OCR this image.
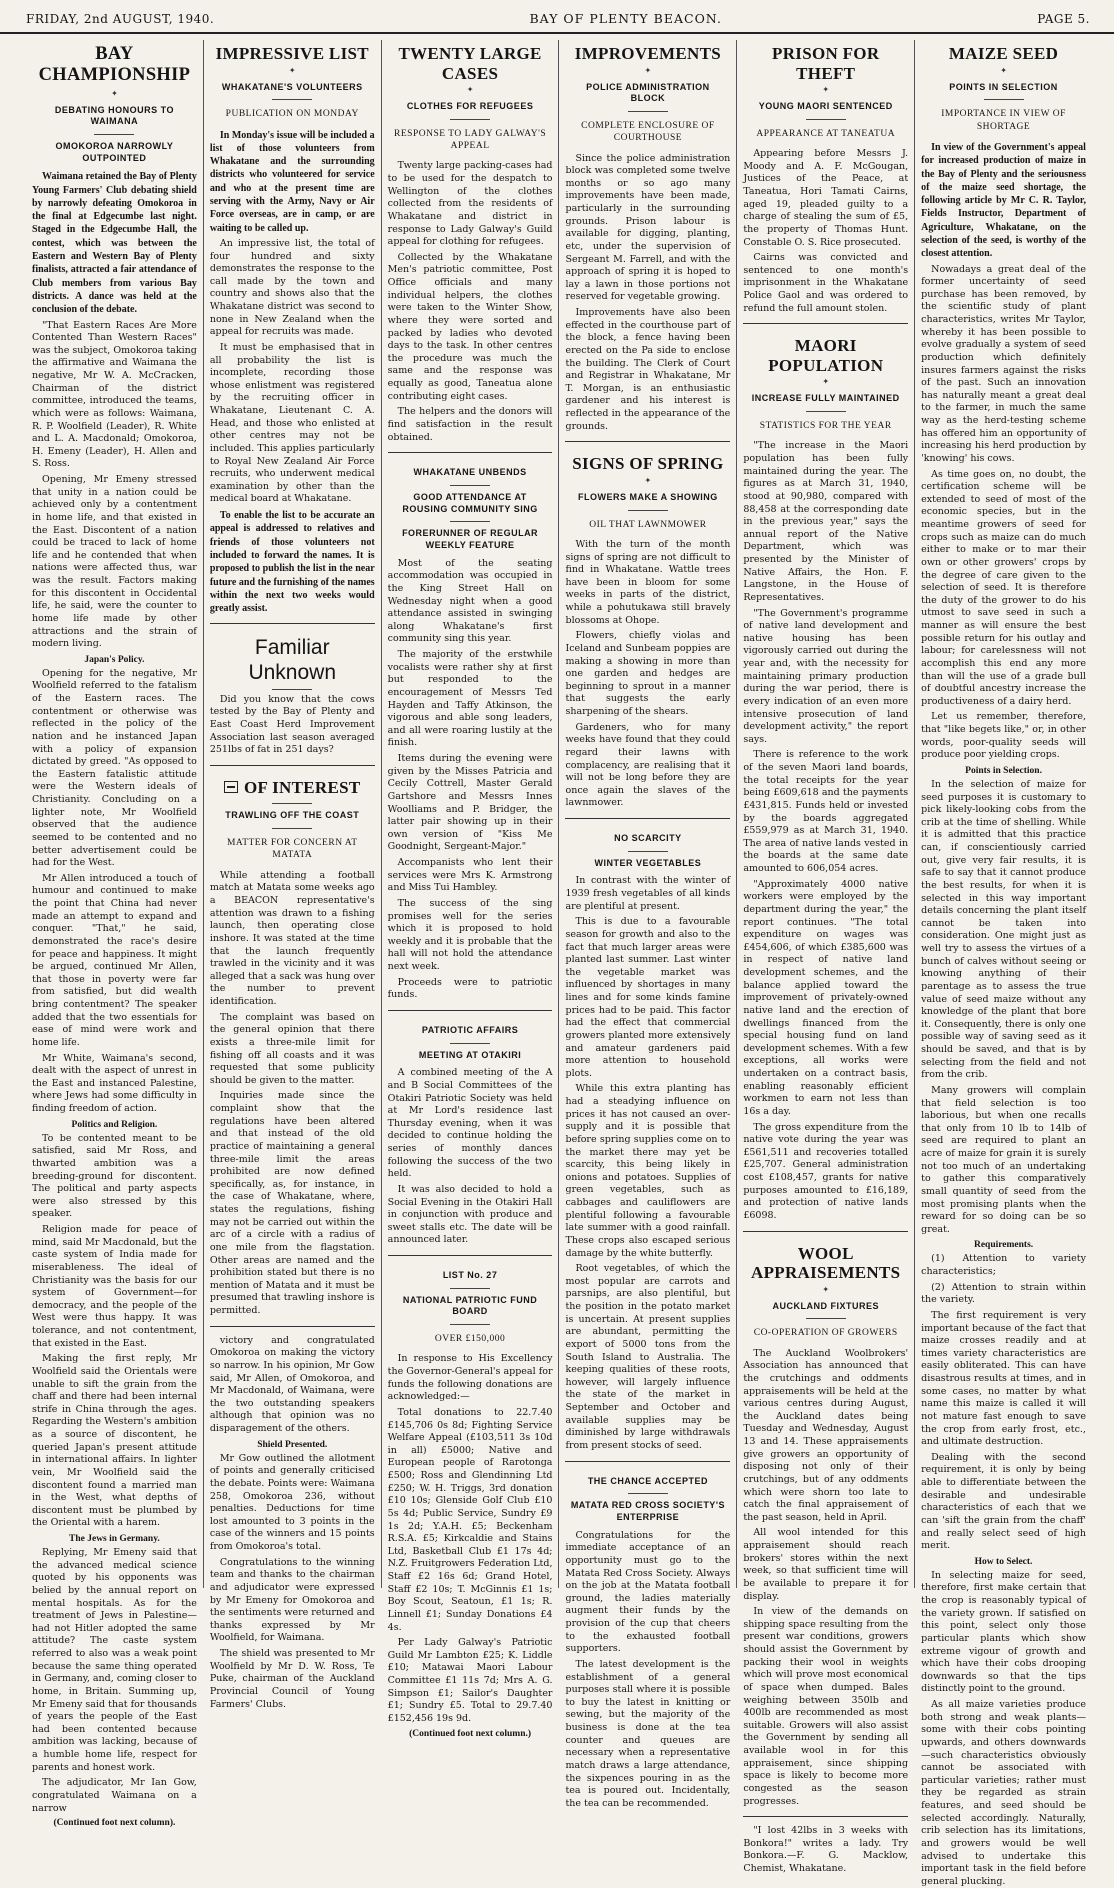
FRIDAY, 2nd AUGUST, 1940.	BAY OF PLENTY BEACON.	PAGE 5.
BAY CHAMPIONSHIP
✦
DEBATING HONOURS TO WAIMANA
OMOKOROA NARROWLY OUTPOINTED

Waimana retained the Bay of Plenty Young Farmers' Club debating shield by narrowly defeating Omokoroa in the final at Edgecumbe last night. Staged in the Edgecumbe Hall, the contest, which was between the Eastern and Western Bay of Plenty finalists, attracted a fair attendance of Club members from various Bay districts. A dance was held at the conclusion of the debate.

"That Eastern Races Are More Contented Than Western Races" was the subject, Omokoroa taking the affirmative and Waimana the negative, Mr W. A. McCracken, Chairman of the district committee, introduced the teams, which were as follows: Waimana, R. P. Woolfield (Leader), R. White and L. A. Macdonald; Omokoroa, H. Emeny (Leader), H. Allen and S. Ross.

Opening, Mr Emeny stressed that unity in a nation could be achieved only by a contentment in home life, and that existed in the East. Discontent of a nation could be traced to lack of home life and he contended that when nations were affected thus, war was the result. Factors making for this discontent in Occidental life, he said, were the counter to home life made by other attractions and the strain of modern living.

Japan's Policy.

Opening for the negative, Mr Woolfield referred to the fatalism of the Eastern races. The contentment or otherwise was reflected in the policy of the nation and he instanced Japan with a policy of expansion dictated by greed. "As opposed to the Eastern fatalistic attitude were the Western ideals of Christianity. Concluding on a lighter note, Mr Woolfield observed that the audience seemed to be contented and no better advertisement could be had for the West.

Mr Allen introduced a touch of humour and continued to make the point that China had never made an attempt to expand and conquer. "That," he said, demonstrated the race's desire for peace and happiness. It might be argued, continued Mr Allen, that those in poverty were far from satisfied, but did wealth bring contentment? The speaker added that the two essentials for ease of mind were work and home life.

Mr White, Waimana's second, dealt with the aspect of unrest in the East and instanced Palestine, where Jews had some difficulty in finding freedom of action.

Politics and Religion.

To be contented meant to be satisfied, said Mr Ross, and thwarted ambition was a breeding-ground for discontent. The political and party aspects were also stressed by this speaker.

Religion made for peace of mind, said Mr Macdonald, but the caste system of India made for miserableness. The ideal of Christianity was the basis for our system of Government—for democracy, and the people of the West were thus happy. It was tolerance, and not contentment, that existed in the East.

Making the first reply, Mr Woolfield said the Orientals were unable to sift the grain from the chaff and there had been internal strife in China through the ages. Regarding the Western's ambition as a source of discontent, he queried Japan's present attitude in international affairs. In lighter vein, Mr Woolfield said the discontent found a married man in the West, what depths of discontent must be plumbed by the Oriental with a harem.

The Jews in Germany.

Replying, Mr Emeny said that the advanced medical science quoted by his opponents was belied by the annual report on mental hospitals. As for the treatment of Jews in Palestine—had not Hitler adopted the same attitude? The caste system referred to also was a weak point because the same thing operated in Germany, and, coming closer to home, in Britain. Summing up, Mr Emeny said that for thousands of years the people of the East had been contented because ambition was lacking, because of a humble home life, respect for parents and honest work.

The adjudicator, Mr Ian Gow, congratulated Waimana on a narrow

(Continued foot next column).
IMPRESSIVE LIST
✦
WHAKATANE'S VOLUNTEERS
PUBLICATION ON MONDAY

In Monday's issue will be included a list of those volunteers from Whakatane and the surrounding districts who volunteered for service and who at the present time are serving with the Army, Navy or Air Force overseas, are in camp, or are waiting to be called up.

An impressive list, the total of four hundred and sixty demonstrates the response to the call made by the town and country and shows also that the Whakatane district was second to none in New Zealand when the appeal for recruits was made.

It must be emphasised that in all probability the list is incomplete, recording those whose enlistment was registered by the recruiting officer in Whakatane, Lieutenant C. A. Head, and those who enlisted at other centres may not be included. This applies particularly to Royal New Zealand Air Force recruits, who underwent medical examination by other than the medical board at Whakatane.

To enable the list to be accurate an appeal is addressed to relatives and friends of those volunteers not included to forward the names. It is proposed to publish the list in the near future and the furnishing of the names within the next two weeks would greatly assist.

Familiar Unknown

Did you know that the cows tested by the Bay of Plenty and East Coast Herd Improvement Association last season averaged 251lbs of fat in 251 days?

OF INTEREST
TRAWLING OFF THE COAST
MATTER FOR CONCERN AT MATATA

While attending a football match at Matata some weeks ago a BEACON representative's attention was drawn to a fishing launch, then operating close inshore. It was stated at the time that the launch frequently trawled in the vicinity and it was alleged that a sack was hung over the number to prevent identification.

The complaint was based on the general opinion that there exists a three-mile limit for fishing off all coasts and it was requested that some publicity should be given to the matter.

Inquiries made since the complaint show that the regulations have been altered and that instead of the old practice of maintaining a general three-mile limit the areas prohibited are now defined specifically, as, for instance, in the case of Whakatane, where, states the regulations, fishing may not be carried out within the arc of a circle with a radius of one mile from the flagstation. Other areas are named and the prohibition stated but there is no mention of Matata and it must be presumed that trawling inshore is permitted.

victory and congratulated Omokoroa on making the victory so narrow. In his opinion, Mr Gow said, Mr Allen, of Omokoroa, and Mr Macdonald, of Waimana, were the two outstanding speakers although that opinion was no disparagement of the others.

Shield Presented.

Mr Gow outlined the allotment of points and generally criticised the debate. Points were: Waimana 258, Omokoroa 236, without penalties. Deductions for time lost amounted to 3 points in the case of the winners and 15 points from Omokoroa's total.

Congratulations to the winning team and thanks to the chairman and adjudicator were expressed by Mr Emeny for Omokoroa and the sentiments were returned and thanks expressed by Mr Woolfield, for Waimana.

The shield was presented to Mr Woolfield by Mr D. W. Ross, Te Puke, chairman of the Auckland Provincial Council of Young Farmers' Clubs.

TWENTY LARGE CASES
✦
CLOTHES FOR REFUGEES
RESPONSE TO LADY GALWAY'S APPEAL

Twenty large packing-cases had to be used for the despatch to Wellington of the clothes collected from the residents of Whakatane and district in response to Lady Galway's Guild appeal for clothing for refugees.

Collected by the Whakatane Men's patriotic committee, Post Office officials and many individual helpers, the clothes were taken to the Winter Show, where they were sorted and packed by ladies who devoted days to the task. In other centres the procedure was much the same and the response was equally as good, Taneatua alone contributing eight cases.

The helpers and the donors will find satisfaction in the result obtained.

WHAKATANE UNBENDS
GOOD ATTENDANCE AT ROUSING COMMUNITY SING
FORERUNNER OF REGULAR WEEKLY FEATURE

Most of the seating accommodation was occupied in the King Street Hall on Wednesday night when a good attendance assisted in swinging along Whakatane's first community sing this year.

The majority of the erstwhile vocalists were rather shy at first but responded to the encouragement of Messrs Ted Hayden and Taffy Atkinson, the vigorous and able song leaders, and all were roaring lustily at the finish.

Items during the evening were given by the Misses Patricia and Cecily Cottrell, Master Gerald Gartshore and Messrs Innes Woolliams and P. Bridger, the latter pair showing up in their own version of "Kiss Me Goodnight, Sergeant-Major."

Accompanists who lent their services were Mrs K. Armstrong and Miss Tui Hambley.

The success of the sing promises well for the series which it is proposed to hold weekly and it is probable that the hall will not hold the attendance next week.

Proceeds were to patriotic funds.

PATRIOTIC AFFAIRS
MEETING AT OTAKIRI

A combined meeting of the A and B Social Committees of the Otakiri Patriotic Society was held at Mr Lord's residence last Thursday evening, when it was decided to continue holding the series of monthly dances following the success of the two held.

It was also decided to hold a Social Evening in the Otakiri Hall in conjunction with produce and sweet stalls etc. The date will be announced later.

LIST No. 27
NATIONAL PATRIOTIC FUND BOARD
OVER £150,000

In response to His Excellency the Governor-General's appeal for funds the following donations are acknowledged:—

Total donations to 22.7.40 £145,706 0s 8d; Fighting Service Welfare Appeal (£103,511 3s 10d in all) £5000; Native and European people of Rarotonga £500; Ross and Glendinning Ltd £250; W. H. Triggs, 3rd donation £10 10s; Glenside Golf Club £10 5s 4d; Public Service, Sundry £9 1s 2d; Y.A.H. £5; Beckenham R.S.A. £5; Kirkcaldie and Stains Ltd, Basketball Club £1 17s 4d; N.Z. Fruitgrowers Federation Ltd, Staff £2 16s 6d; Grand Hotel, Staff £2 10s; T. McGinnis £1 1s; Boy Scout, Seatoun, £1 1s; R. Linnell £1; Sunday Donations £4 4s.

Per Lady Galway's Patriotic Guild Mr Lambton £25; K. Liddle £10; Matawai Maori Labour Committee £1 11s 7d; Mrs A. G. Simpson £1; Sailor's Daughter £1; Sundry £5. Total to 29.7.40 £152,456 19s 9d.

(Continued foot next column.)
IMPROVEMENTS
✦
POLICE ADMINISTRATION BLOCK
COMPLETE ENCLOSURE OF COURTHOUSE

Since the police administration block was completed some twelve months or so ago many improvements have been made, particularly in the surrounding grounds. Prison labour is available for digging, planting, etc, under the supervision of Sergeant M. Farrell, and with the approach of spring it is hoped to lay a lawn in those portions not reserved for vegetable growing.

Improvements have also been effected in the courthouse part of the block, a fence having been erected on the Pa side to enclose the building. The Clerk of Court and Registrar in Whakatane, Mr T. Morgan, is an enthusiastic gardener and his interest is reflected in the appearance of the grounds.

SIGNS OF SPRING
✦
FLOWERS MAKE A SHOWING
OIL THAT LAWNMOWER

With the turn of the month signs of spring are not difficult to find in Whakatane. Wattle trees have been in bloom for some weeks in parts of the district, while a pohutukawa still bravely blossoms at Ohope.

Flowers, chiefly violas and Iceland and Sunbeam poppies are making a showing in more than one garden and hedges are beginning to sprout in a manner that suggests the early sharpening of the shears.

Gardeners, who for many weeks have found that they could regard their lawns with complacency, are realising that it will not be long before they are once again the slaves of the lawnmower.

NO SCARCITY
WINTER VEGETABLES

In contrast with the winter of 1939 fresh vegetables of all kinds are plentiful at present.

This is due to a favourable season for growth and also to the fact that much larger areas were planted last summer. Last winter the vegetable market was influenced by shortages in many lines and for some kinds famine prices had to be paid. This factor had the effect that commercial growers planted more extensively and amateur gardeners paid more attention to household plots.

While this extra planting has had a steadying influence on prices it has not caused an over-supply and it is possible that before spring supplies come on to the market there may yet be scarcity, this being likely in onions and potatoes. Supplies of green vegetables, such as cabbages and cauliflowers are plentiful following a favourable late summer with a good rainfall. These crops also escaped serious damage by the white butterfly.

Root vegetables, of which the most popular are carrots and parsnips, are also plentiful, but the position in the potato market is uncertain. At present supplies are abundant, permitting the export of 5000 tons from the South Island to Australia. The keeping qualities of these roots, however, will largely influence the state of the market in September and October and available supplies may be diminished by large withdrawals from present stocks of seed.

THE CHANCE ACCEPTED
MATATA RED CROSS SOCIETY'S ENTERPRISE

Congratulations for the immediate acceptance of an opportunity must go to the Matata Red Cross Society. Always on the job at the Matata football ground, the ladies materially augment their funds by the provision of the cup that cheers to the exhausted football supporters.

The latest development is the establishment of a general purposes stall where it is possible to buy the latest in knitting or sewing, but the majority of the business is done at the tea counter and queues are necessary when a representative match draws a large attendance, the sixpences pouring in as the tea is poured out. Incidentally, the tea can be recommended.

PRISON FOR THEFT
✦
YOUNG MAORI SENTENCED
APPEARANCE AT TANEATUA

Appearing before Messrs J. Moody and A. F. McGougan, Justices of the Peace, at Taneatua, Hori Tamati Cairns, aged 19, pleaded guilty to a charge of stealing the sum of £5, the property of Thomas Hunt. Constable O. S. Rice prosecuted.

Cairns was convicted and sentenced to one month's imprisonment in the Whakatane Police Gaol and was ordered to refund the full amount stolen.

MAORI POPULATION
✦
INCREASE FULLY MAINTAINED
STATISTICS FOR THE YEAR

"The increase in the Maori population has been fully maintained during the year. The figures as at March 31, 1940, stood at 90,980, compared with 88,458 at the corresponding date in the previous year," says the annual report of the Native Department, which was presented by the Minister of Native Affairs, the Hon. F. Langstone, in the House of Representatives.

"The Government's programme of native land development and native housing has been vigorously carried out during the year and, with the necessity for maintaining primary production during the war period, there is every indication of an even more intensive prosecution of land development activity," the report says.

There is reference to the work of the seven Maori land boards, the total receipts for the year being £609,618 and the payments £431,815. Funds held or invested by the boards aggregated £559,979 as at March 31, 1940. The area of native lands vested in the boards at the same date amounted to 606,054 acres.

"Approximately 4000 native workers were employed by the department during the year," the report continues. "The total expenditure on wages was £454,606, of which £385,600 was in respect of native land development schemes, and the balance applied toward the improvement of privately-owned native land and the erection of dwellings financed from the special housing fund on land development schemes. With a few exceptions, all works were undertaken on a contract basis, enabling reasonably efficient workmen to earn not less than 16s a day.

The gross expenditure from the native vote during the year was £561,511 and recoveries totalled £25,707. General administration cost £108,457, grants for native purposes amounted to £16,189, and protection of native lands £6098.

WOOL APPRAISEMENTS
✦
AUCKLAND FIXTURES
CO-OPERATION OF GROWERS

The Auckland Woolbrokers' Association has announced that the crutchings and oddments appraisements will be held at the various centres during August, the Auckland dates being Tuesday and Wednesday, August 13 and 14. These appraisements give growers an opportunity of disposing not only of their crutchings, but of any oddments which were shorn too late to catch the final appraisement of the past season, held in April.

All wool intended for this appraisement should reach brokers' stores within the next week, so that sufficient time will be available to prepare it for display.

In view of the demands on shipping space resulting from the present war conditions, growers should assist the Government by packing their wool in weights which will prove most economical of space when dumped. Bales weighing between 350lb and 400lb are recommended as most suitable. Growers will also assist the Government by sending all available wool in for this appraisement, since shipping space is likely to become more congested as the season progresses.

"I lost 42lbs in 3 weeks with Bonkora!" writes a lady. Try Bonkora.—F. G. Macklow, Chemist, Whakatane.

MAIZE SEED
✦
POINTS IN SELECTION
IMPORTANCE IN VIEW OF SHORTAGE

In view of the Government's appeal for increased production of maize in the Bay of Plenty and the seriousness of the maize seed shortage, the following article by Mr C. R. Taylor, Fields Instructor, Department of Agriculture, Whakatane, on the selection of the seed, is worthy of the closest attention.

Nowadays a great deal of the former uncertainty of seed purchase has been removed, by the scientific study of plant characteristics, writes Mr Taylor, whereby it has been possible to evolve gradually a system of seed production which definitely insures farmers against the risks of the past. Such an innovation has naturally meant a great deal to the farmer, in much the same way as the herd-testing scheme has offered him an opportunity of increasing his herd production by 'knowing' his cows.

As time goes on, no doubt, the certification scheme will be extended to seed of most of the economic species, but in the meantime growers of seed for crops such as maize can do much either to make or to mar their own or other growers' crops by the degree of care given to the selection of seed. It is therefore the duty of the grower to do his utmost to save seed in such a manner as will ensure the best possible return for his outlay and labour; for carelessness will not accomplish this end any more than will the use of a grade bull of doubtful ancestry increase the productiveness of a dairy herd.

Let us remember, therefore, that "like begets like," or, in other words, poor-quality seeds will produce poor yielding crops.

Points in Selection.

In the selection of maize for seed purposes it is customary to pick likely-looking cobs from the crib at the time of shelling. While it is admitted that this practice can, if conscientiously carried out, give very fair results, it is safe to say that it cannot produce the best results, for when it is selected in this way important details concerning the plant itself cannot be taken into consideration. One might just as well try to assess the virtues of a bunch of calves without seeing or knowing anything of their parentage as to assess the true value of seed maize without any knowledge of the plant that bore it. Consequently, there is only one possible way of saving seed as it should be saved, and that is by selecting from the field and not from the crib.

Many growers will complain that field selection is too laborious, but when one recalls that only from 10 lb to 14lb of seed are required to plant an acre of maize for grain it is surely not too much of an undertaking to gather this comparatively small quantity of seed from the most promising plants when the reward for so doing can be so great.

Requirements.

(1) Attention to variety characteristics;

(2) Attention to strain within the variety.

The first requirement is very important because of the fact that maize crosses readily and at times variety characteristics are easily obliterated. This can have disastrous results at times, and in some cases, no matter by what name this maize is called it will not mature fast enough to save the crop from early frost, etc., and ultimate destruction.

Dealing with the second requirement, it is only by being able to differentiate between the desirable and undesirable characteristics of each that we can 'sift the grain from the chaff' and really select seed of high merit.

How to Select.

In selecting maize for seed, therefore, first make certain that the crop is reasonably typical of the variety grown. If satisfied on this point, select only those particular plants which show extreme vigour of growth and which have their cobs drooping downwards so that the tips distinctly point to the ground.

As all maize varieties produce both strong and weak plants—some with their cobs pointing upwards, and others downwards—such characteristics obviously cannot be associated with particular varieties; rather must they be regarded as strain features, and seed should be selected accordingly. Naturally, crib selection has its limitations, and growers would be well advised to undertake this important task in the field before general plucking.
